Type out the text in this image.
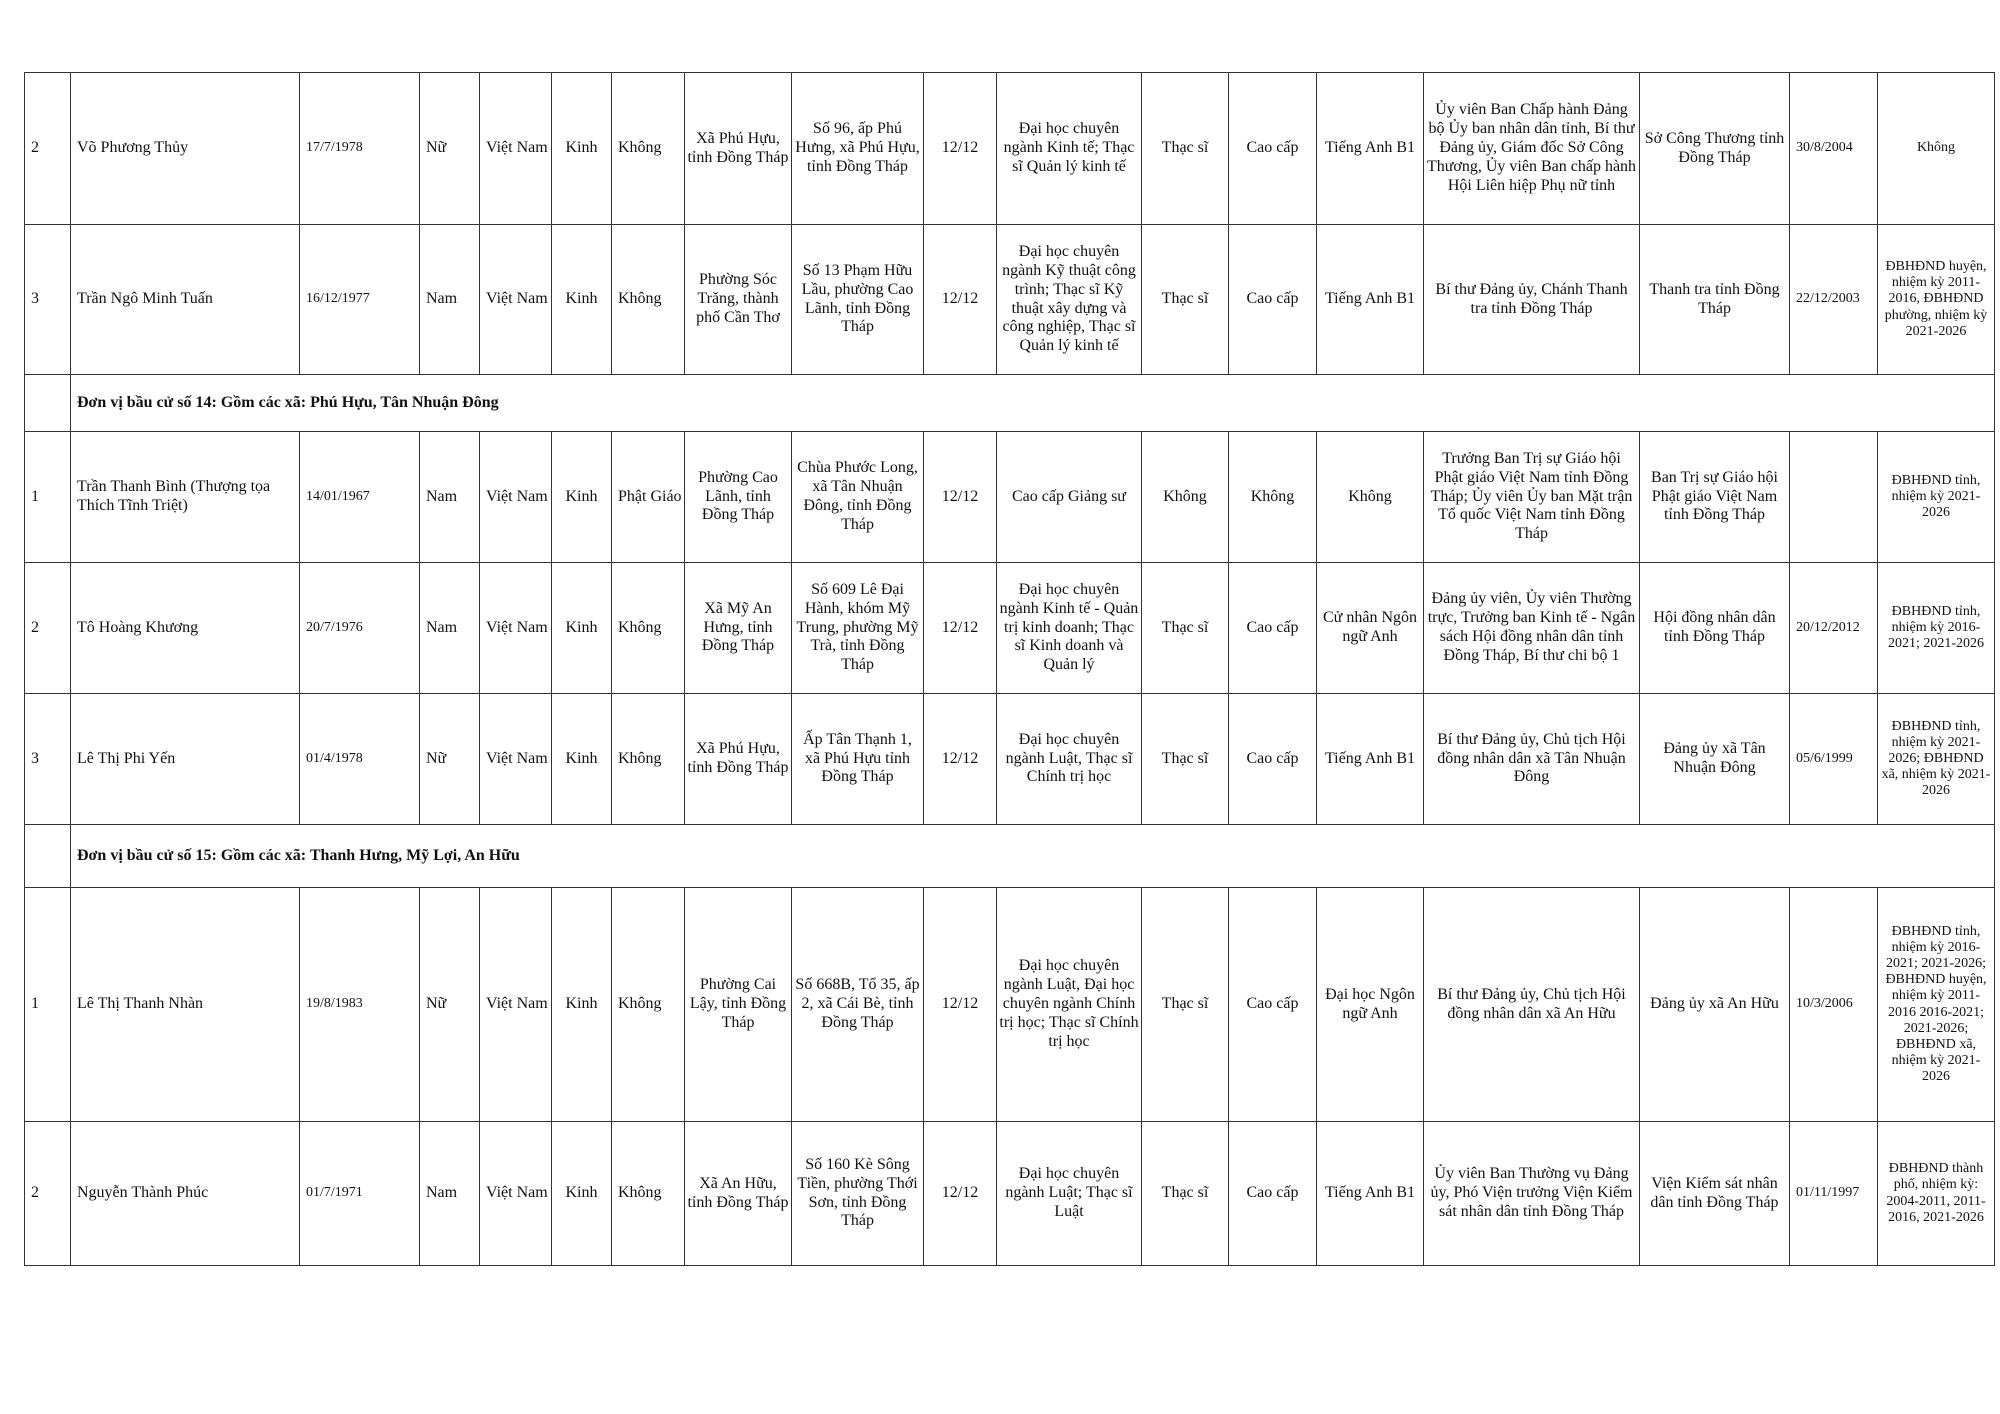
2	Võ Phương Thủy	17/7/1978	Nữ	Việt Nam	Kinh	Không	Xã Phú Hựu, tỉnh Đồng Tháp	Số 96, ấp Phú Hưng, xã Phú Hựu, tỉnh Đồng Tháp	12/12	Đại học chuyên ngành Kinh tế; Thạc sĩ Quản lý kinh tế	Thạc sĩ	Cao cấp	Tiếng Anh B1	Ủy viên Ban Chấp hành Đảng bộ Ủy ban nhân dân tỉnh, Bí thư Đảng ủy, Giám đốc Sở Công Thương, Ủy viên Ban chấp hành Hội Liên hiệp Phụ nữ tỉnh	Sở Công Thương tỉnh Đồng Tháp	30/8/2004	Không
3	Trần Ngô Minh Tuấn	16/12/1977	Nam	Việt Nam	Kinh	Không	Phường Sóc Trăng, thành phố Cần Thơ	Số 13 Phạm Hữu Lầu, phường Cao Lãnh, tỉnh Đồng Tháp	12/12	Đại học chuyên ngành Kỹ thuật công trình; Thạc sĩ Kỹ thuật xây dựng và công nghiệp, Thạc sĩ Quản lý kinh tế	Thạc sĩ	Cao cấp	Tiếng Anh B1	Bí thư Đảng ủy, Chánh Thanh tra tỉnh Đồng Tháp	Thanh tra tỉnh Đồng Tháp	22/12/2003	ĐBHĐND huyện, nhiệm kỳ 2011-2016, ĐBHĐND phường, nhiệm kỳ 2021-2026
	Đơn vị bầu cử số 14: Gồm các xã: Phú Hựu, Tân Nhuận Đông																
1	Trần Thanh Bình (Thượng tọa Thích Tĩnh Triệt)	14/01/1967	Nam	Việt Nam	Kinh	Phật Giáo	Phường Cao Lãnh, tỉnh Đồng Tháp	Chùa Phước Long, xã Tân Nhuận Đông, tỉnh Đồng Tháp	12/12	Cao cấp Giảng sư	Không	Không	Không	Trưởng Ban Trị sự Giáo hội Phật giáo Việt Nam tỉnh Đồng Tháp; Ủy viên Ủy ban Mặt trận Tổ quốc Việt Nam tỉnh Đồng Tháp	Ban Trị sự Giáo hội Phật giáo Việt Nam tỉnh Đồng Tháp		ĐBHĐND tỉnh, nhiệm kỳ 2021-2026
2	Tô Hoàng Khương	20/7/1976	Nam	Việt Nam	Kinh	Không	Xã Mỹ An Hưng, tỉnh Đồng Tháp	Số 609 Lê Đại Hành, khóm Mỹ Trung, phường Mỹ Trà, tỉnh Đồng Tháp	12/12	Đại học chuyên ngành Kinh tế - Quản trị kinh doanh; Thạc sĩ Kinh doanh và Quản lý	Thạc sĩ	Cao cấp	Cử nhân Ngôn ngữ Anh	Đảng ủy viên, Ủy viên Thường trực, Trưởng ban Kinh tế - Ngân sách Hội đồng nhân dân tỉnh Đồng Tháp, Bí thư chi bộ 1	Hội đồng nhân dân tỉnh Đồng Tháp	20/12/2012	ĐBHĐND tỉnh, nhiệm kỳ 2016-2021; 2021-2026
3	Lê Thị Phi Yến	01/4/1978	Nữ	Việt Nam	Kinh	Không	Xã Phú Hựu, tỉnh Đồng Tháp	Ấp Tân Thạnh 1, xã Phú Hựu tỉnh Đồng Tháp	12/12	Đại học chuyên ngành Luật, Thạc sĩ Chính trị học	Thạc sĩ	Cao cấp	Tiếng Anh B1	Bí thư Đảng ủy, Chủ tịch Hội đồng nhân dân xã Tân Nhuận Đông	Đảng ủy xã Tân Nhuận Đông	05/6/1999	ĐBHĐND tỉnh, nhiệm kỳ 2021- 2026; ĐBHĐND xã, nhiệm kỳ 2021-2026
	Đơn vị bầu cử số 15: Gồm các xã: Thanh Hưng, Mỹ Lợi, An Hữu																
1	Lê Thị Thanh Nhàn	19/8/1983	Nữ	Việt Nam	Kinh	Không	Phường Cai Lậy, tỉnh Đồng Tháp	Số 668B, Tổ 35, ấp 2, xã Cái Bè, tỉnh Đồng Tháp	12/12	Đại học chuyên ngành Luật, Đại học chuyên ngành Chính trị học; Thạc sĩ Chính trị học	Thạc sĩ	Cao cấp	Đại học Ngôn ngữ Anh	Bí thư Đảng ủy, Chủ tịch Hội đồng nhân dân xã An Hữu	Đảng ủy xã An Hữu	10/3/2006	ĐBHĐND tỉnh, nhiệm kỳ 2016-2021; 2021-2026; ĐBHĐND huyện, nhiệm kỳ 2011-2016 2016-2021; 2021-2026; ĐBHĐND xã, nhiệm kỳ 2021-2026
2	Nguyễn Thành Phúc	01/7/1971	Nam	Việt Nam	Kinh	Không	Xã An Hữu, tỉnh Đồng Tháp	Số 160 Kè Sông Tiền, phường Thới Sơn, tỉnh Đồng Tháp	12/12	Đại học chuyên ngành Luật; Thạc sĩ Luật	Thạc sĩ	Cao cấp	Tiếng Anh B1	Ủy viên Ban Thường vụ Đảng ủy, Phó Viện trưởng Viện Kiểm sát nhân dân tỉnh Đồng Tháp	Viện Kiểm sát nhân dân tỉnh Đồng Tháp	01/11/1997	ĐBHĐND thành phố, nhiệm kỳ: 2004-2011, 2011-2016, 2021-2026
